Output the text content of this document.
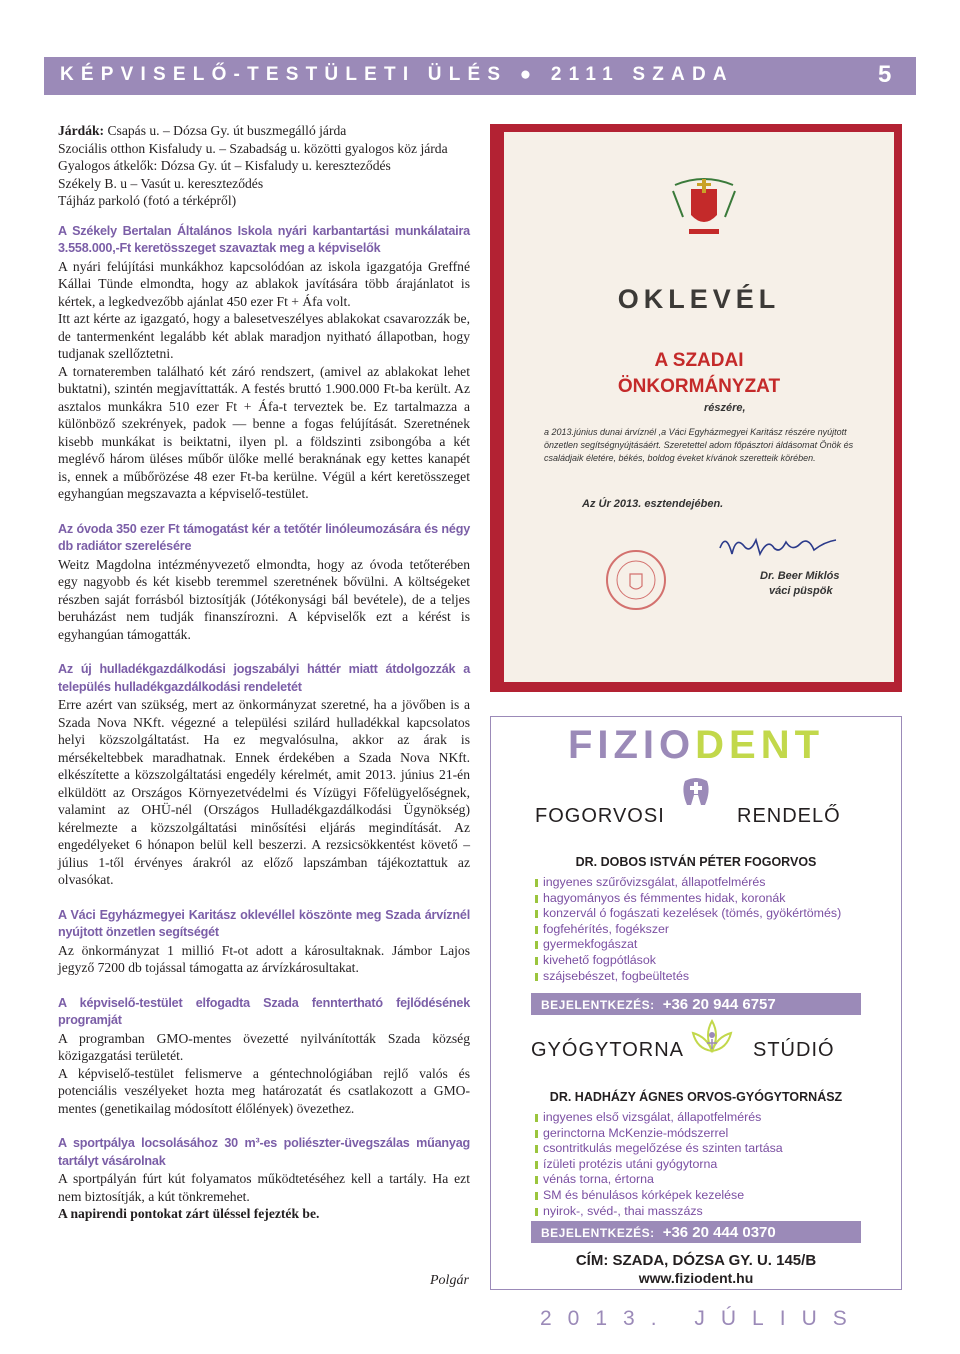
KÉPVISELŐ-TESTÜLETI ÜLÉS ● 2111 SZADA	5

Járdák: Csapás u. – Dózsa Gy. út buszmegálló járda

Szociális otthon Kisfaludy u. – Szabadság u. közötti gyalogos köz járda

Gyalogos átkelők: Dózsa Gy. út – Kisfaludy u. kereszteződés

Székely B. u – Vasút u. kereszteződés

Tájház parkoló (fotó a térképről)

A Székely Bertalan Általános Iskola nyári karbantartási munkálataira 3.558.000,-Ft keretösszeget szavaztak meg a képviselők

A nyári felújítási munkákhoz kapcsolódóan az iskola igazgatója Greffné Kállai Tünde elmondta, hogy az ablakok javítására több árajánlatot is kértek, a legkedvezőbb ajánlat 450 ezer Ft + Áfa volt.

Itt azt kérte az igazgató, hogy a balesetveszélyes ablakokat csavarozzák be, de tantermenként legalább két ablak maradjon nyitható állapotban, hogy tudjanak szellőztetni.

A tornateremben található két záró rendszert, (amivel az ablakokat lehet buktatni), szintén megjavíttatták. A festés bruttó 1.900.000 Ft-ba került. Az asztalos munkákra 510 ezer Ft + Áfa-t terveztek be. Ez tartalmazza a különböző szekrények, padok — benne a fogas felújítását. Szeretnének kisebb munkákat is beiktatni, ilyen pl. a földszinti zsibongóba a két meglévő három üléses műbőr ülőke mellé beraknának egy kettes kanapét is, ennek a műbőrözése 48 ezer Ft-ba kerülne. Végül a kért keretösszeget egyhangúan megszavazta a képviselő-testület.

Az óvoda 350 ezer Ft támogatást kér a tetőtér linóleumozására és négy db radiátor szerelésére

Weitz Magdolna intézményvezető elmondta, hogy az óvoda tetőterében egy nagyobb és két kisebb teremmel szeretnének bővülni. A költségeket részben saját forrásból biztosítják (Jótékonysági bál bevétele), de a teljes beruházást nem tudják finanszírozni. A képviselők ezt a kérést is egyhangúan támogatták.

Az új hulladékgazdálkodási jogszabályi háttér miatt átdolgozzák a település hulladékgazdálkodási rendeletét

Erre azért van szükség, mert az önkormányzat szeretné, ha a jövőben is a Szada Nova NKft. végezné a települési szilárd hulladékkal kapcsolatos helyi közszolgáltatást. Ha ez megvalósulna, akkor az árak is mérsékeltebbek maradhatnak. Ennek érdekében a Szada Nova NKft. elkészítette a közszolgáltatási engedély kérelmét, amit 2013. június 21-én elküldött az Országos Környezetvédelmi és Vízügyi Főfelügyelőségnek, valamint az OHÜ-nél (Országos Hulladékgazdálkodási Ügynökség) kérelmezte a közszolgáltatási minősítési eljárás megindítását. Az engedélyeket 6 hónapon belül kell beszerzi. A rezsicsökkentést követő – július 1-től érvényes árakról az előző lapszámban tájékoztattuk az olvasókat.

A Váci Egyházmegyei Karitász oklevéllel köszönte meg Szada árvíznél nyújtott önzetlen segítségét

Az önkormányzat 1 millió Ft-ot adott a károsultaknak. Jámbor Lajos jegyző 7200 db tojással támogatta az árvízkárosultakat.

A képviselő-testület elfogadta Szada fenntertható fejlődésének programját

A programban GMO-mentes övezetté nyilvánították Szada község közigazgatási területét.

A képviselő-testület felismerve a géntechnológiában rejlő valós és potenciális veszélyeket hozta meg határozatát és csatlakozott a GMO-mentes (genetikailag módosított élőlények) övezethez.

A sportpálya locsolásához 30 m³-es poliészter-üvegszálas műanyag tartályt vásárolnak

A sportpályán fúrt kút folyamatos működtetéséhez kell a tartály. Ha ezt nem biztosítják, a kút tönkremehet.

A napirendi pontokat zárt üléssel fejezték be.

Polgár
OKLEVÉL
A SZADAI
ÖNKORMÁNYZAT
részére,
a 2013.június dunai árvíznél ,a Váci Egyházmegyei Karitász részére nyújtott önzetlen segítségnyújtásáért. Szeretettel adom főpásztori áldásomat Önök és családjaik életére, békés, boldog éveket kívánok szeretteik körében.
Az Úr 2013. esztendejében.
Dr. Beer Miklós
váci püspök
FIZIODENT
FOGORVOSI	RENDELŐ
DR. DOBOS ISTVÁN PÉTER FOGORVOS
ingyenes szűrővizsgálat, állapotfelmérés
hagyományos és fémmentes hidak, koronák
konzervál ó fogászati kezelések (tömés, gyökértömés)
fogfehérítés, fogékszer
gyermekfogászat
kivehető fogpótlások
szájsebészet, fogbeültetés
BEJELENTKEZÉS: +36 20 944 6757
GYÓGYTORNA	STÚDIÓ
DR. HADHÁZY ÁGNES ORVOS-GYÓGYTORNÁSZ
ingyenes első vizsgálat, állapotfelmérés
gerinctorna McKenzie-módszerrel
csontritkulás megelőzése és szinten tartása
ízületi protézis utáni gyógytorna
vénás torna, értorna
SM és bénulásos kórképek kezelése
nyirok-, svéd-, thai masszázs
BEJELENTKEZÉS: +36 20 444 0370
CÍM: SZADA, DÓZSA GY. U. 145/B
www.fiziodent.hu
2013. JÚLIUS
